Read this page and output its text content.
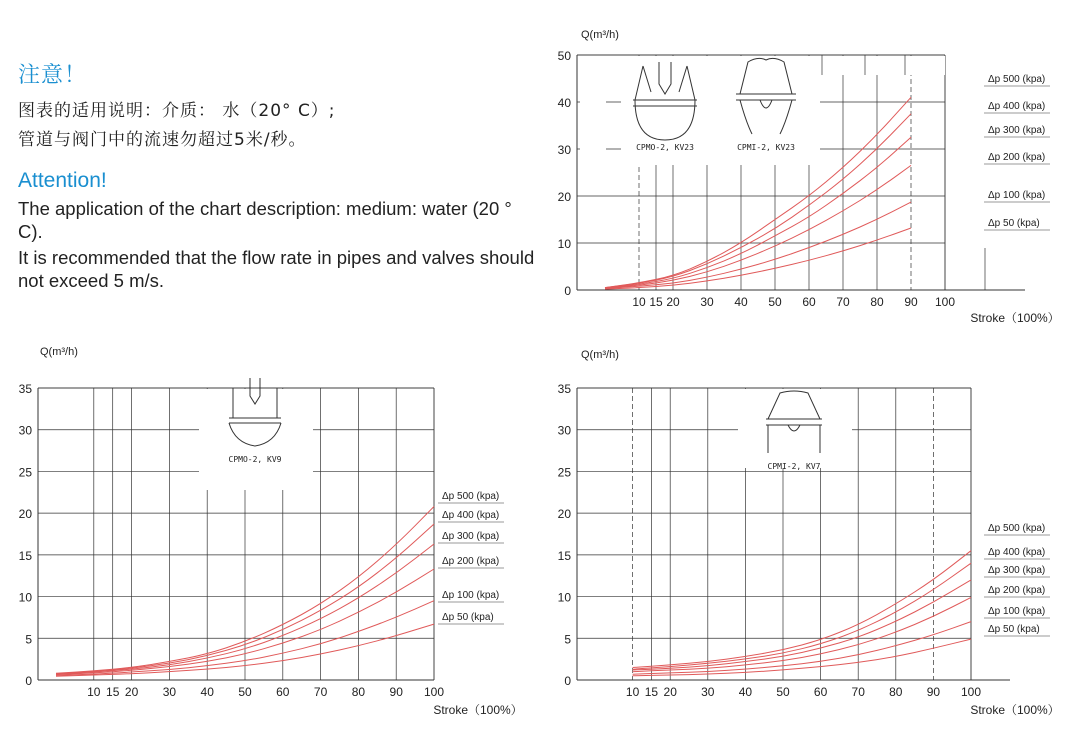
注意！
图表的适用说明：介质： 水（20° C）;
管道与阀门中的流速勿超过5米/秒。
Attention!
The application of the chart description: medium: water (20 ° C).
It is recommended that the flow rate in pipes and valves should not exceed 5 m/s.	0
10
20
30
40
50
10 15 20 30 40 50 60 70 80 90 100
Δp 500 (kpa)
Δp 400 (kpa)
Δp 300 (kpa)
Δp 200 (kpa)
Δp 100 (kpa)
Δp 50 (kpa)
Q(m³/h)
Stroke（100%）
CPMO-2, KV23	CPMI-2, KV23
0
5
10
15
20
25
30
35
10 15 20 30 40 50 60 70 80 90 100
Δp 500 (kpa)
Δp 400 (kpa)
Δp 300 (kpa)
Δp 200 (kpa)
Δp 100 (kpa)
Δp 50 (kpa)
Q(m³/h)
Stroke（100%）
CPMO-2, KV9
0
5
10
15
20
25
30
35
10 15 20 30 40 50 60 70 80 90 100
Δp 500 (kpa)
Δp 400 (kpa)
Δp 300 (kpa)
Δp 200 (kpa)
Δp 100 (kpa)
Δp 50 (kpa)
Q(m³/h)
Stroke（100%）
CPMI-2, KV7
